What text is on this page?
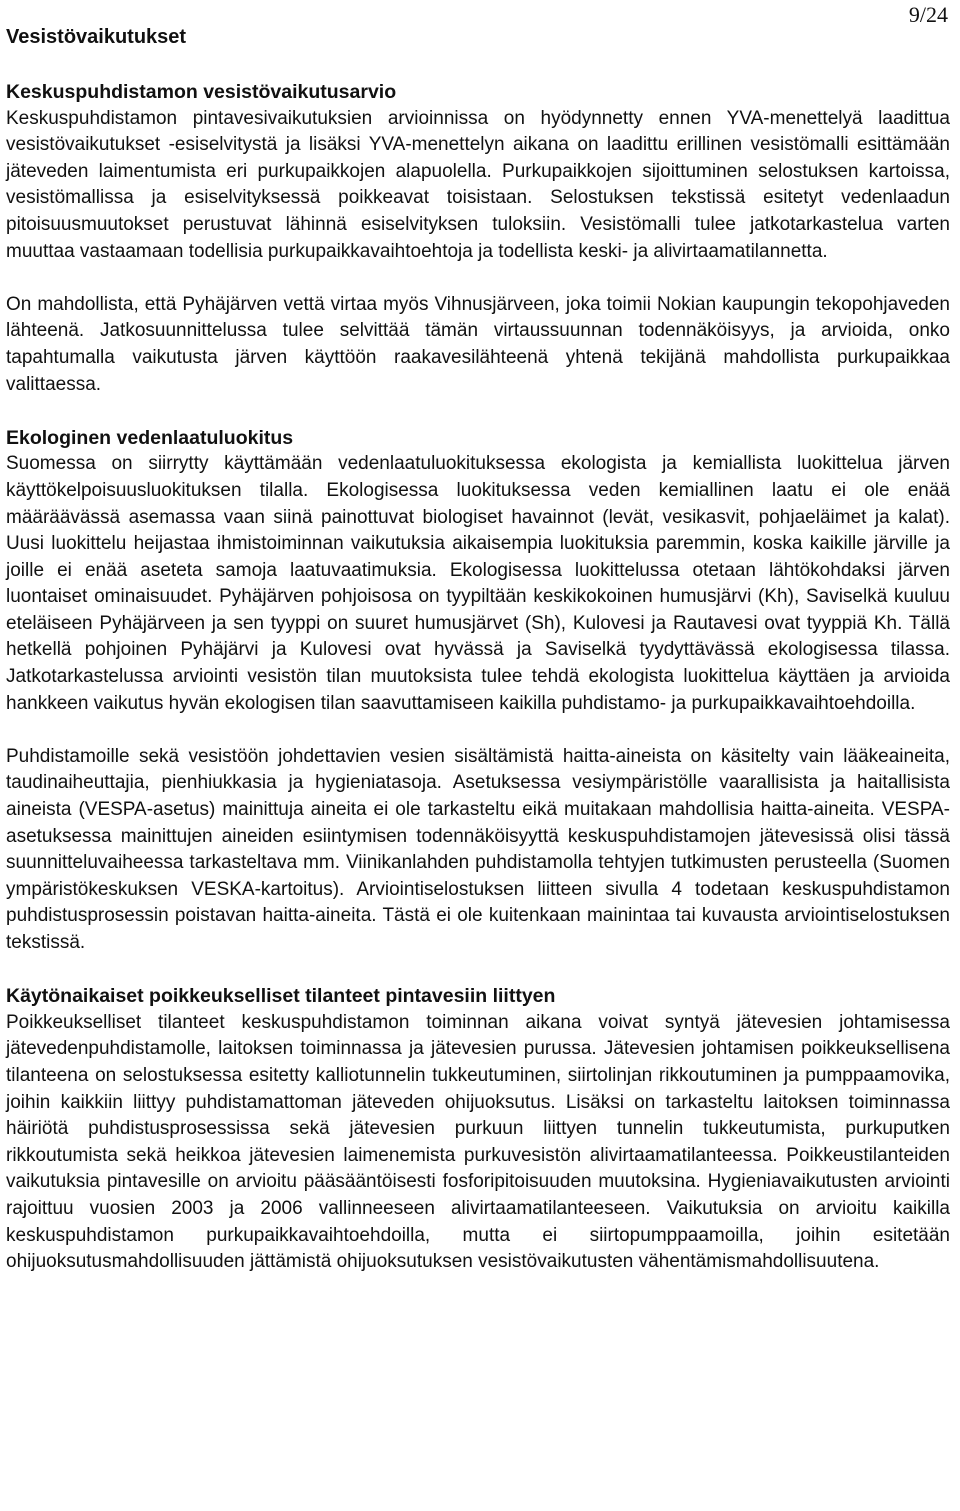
9/24
Vesistövaikutukset
Keskuspuhdistamon vesistövaikutusarvio

Keskuspuhdistamon pintavesivaikutuksien arvioinnissa on hyödynnetty ennen YVA-menettelyä laadittua vesistövaikutukset -esiselvitystä ja lisäksi YVA-menettelyn aikana on laadittu erillinen vesistömalli esittämään jäteveden laimentumista eri purkupaikkojen alapuolella. Purkupaikkojen sijoittuminen selostuksen kartoissa, vesistömallissa ja esiselvityksessä poikkeavat toisistaan. Selostuksen tekstissä esitetyt vedenlaadun pitoisuusmuutokset perustuvat lähinnä esiselvityksen tuloksiin. Vesistömalli tulee jatkotarkastelua varten muuttaa vastaamaan todellisia purkupaikkavaihtoehtoja ja todellista keski- ja alivirtaamatilannetta.

On mahdollista, että Pyhäjärven vettä virtaa myös Vihnusjärveen, joka toimii Nokian kaupungin tekopohjaveden lähteenä. Jatkosuunnittelussa tulee selvittää tämän virtaussuunnan todennäköisyys, ja arvioida, onko tapahtumalla vaikutusta järven käyttöön raakavesilähteenä yhtenä tekijänä mahdollista purkupaikkaa valittaessa.

Ekologinen vedenlaatuluokitus

Suomessa on siirrytty käyttämään vedenlaatuluokituksessa ekologista ja kemiallista luokittelua järven käyttökelpoisuusluokituksen tilalla. Ekologisessa luokituksessa veden kemiallinen laatu ei ole enää määräävässä asemassa vaan siinä painottuvat biologiset havainnot (levät, vesikasvit, pohjaeläimet ja kalat). Uusi luokittelu heijastaa ihmistoiminnan vaikutuksia aikaisempia luokituksia paremmin, koska kaikille järville ja joille ei enää aseteta samoja laatuvaatimuksia. Ekologisessa luokittelussa otetaan lähtökohdaksi järven luontaiset ominaisuudet. Pyhäjärven pohjoisosa on tyypiltään keskikokoinen humusjärvi (Kh), Saviselkä kuuluu eteläiseen Pyhäjärveen ja sen tyyppi on suuret humusjärvet (Sh), Kulovesi ja Rautavesi ovat tyyppiä Kh. Tällä hetkellä pohjoinen Pyhäjärvi ja Kulovesi ovat hyvässä ja Saviselkä tyydyttävässä ekologisessa tilassa. Jatkotarkastelussa arviointi vesistön tilan muutoksista tulee tehdä ekologista luokittelua käyttäen ja arvioida hankkeen vaikutus hyvän ekologisen tilan saavuttamiseen kaikilla puhdistamo- ja purkupaikkavaihtoehdoilla.

Puhdistamoille sekä vesistöön johdettavien vesien sisältämistä haitta-aineista on käsitelty vain lääkeaineita, taudinaiheuttajia, pienhiukkasia ja hygieniatasoja. Asetuksessa vesiympäristölle vaarallisista ja haitallisista aineista (VESPA-asetus) mainittuja aineita ei ole tarkasteltu eikä muitakaan mahdollisia haitta-aineita. VESPA-asetuksessa mainittujen aineiden esiintymisen todennäköisyyttä keskuspuhdistamojen jätevesissä olisi tässä suunnitteluvaiheessa tarkasteltava mm. Viinikanlahden puhdistamolla tehtyjen tutkimusten perusteella (Suomen ympäristökeskuksen VESKA-kartoitus). Arviointiselostuksen liitteen sivulla 4 todetaan keskuspuhdistamon puhdistusprosessin poistavan haitta-aineita. Tästä ei ole kuitenkaan mainintaa tai kuvausta arviointiselostuksen tekstissä.

Käytönaikaiset poikkeukselliset tilanteet pintavesiin liittyen

Poikkeukselliset tilanteet keskuspuhdistamon toiminnan aikana voivat syntyä jätevesien johtamisessa jätevedenpuhdistamolle, laitoksen toiminnassa ja jätevesien purussa. Jätevesien johtamisen poikkeuksellisena tilanteena on selostuksessa esitetty kalliotunnelin tukkeutuminen, siirtolinjan rikkoutuminen ja pumppaamovika, joihin kaikkiin liittyy puhdistamattoman jäteveden ohijuoksutus. Lisäksi on tarkasteltu laitoksen toiminnassa häiriötä puhdistusprosessissa sekä jätevesien purkuun liittyen tunnelin tukkeutumista, purkuputken rikkoutumista sekä heikkoa jätevesien laimenemista purkuvesistön alivirtaamatilanteessa. Poikkeustilanteiden vaikutuksia pintavesille on arvioitu pääsääntöisesti fosforipitoisuuden muutoksina. Hygieniavaikutusten arviointi rajoittuu vuosien 2003 ja 2006 vallinneeseen alivirtaamatilanteeseen. Vaikutuksia on arvioitu kaikilla keskuspuhdistamon purkupaikkavaihtoehdoilla, mutta ei siirtopumppaamoilla, joihin esitetään ohijuoksutusmahdollisuuden jättämistä ohijuoksutuksen vesistövaikutusten vähentämismahdollisuutena.
